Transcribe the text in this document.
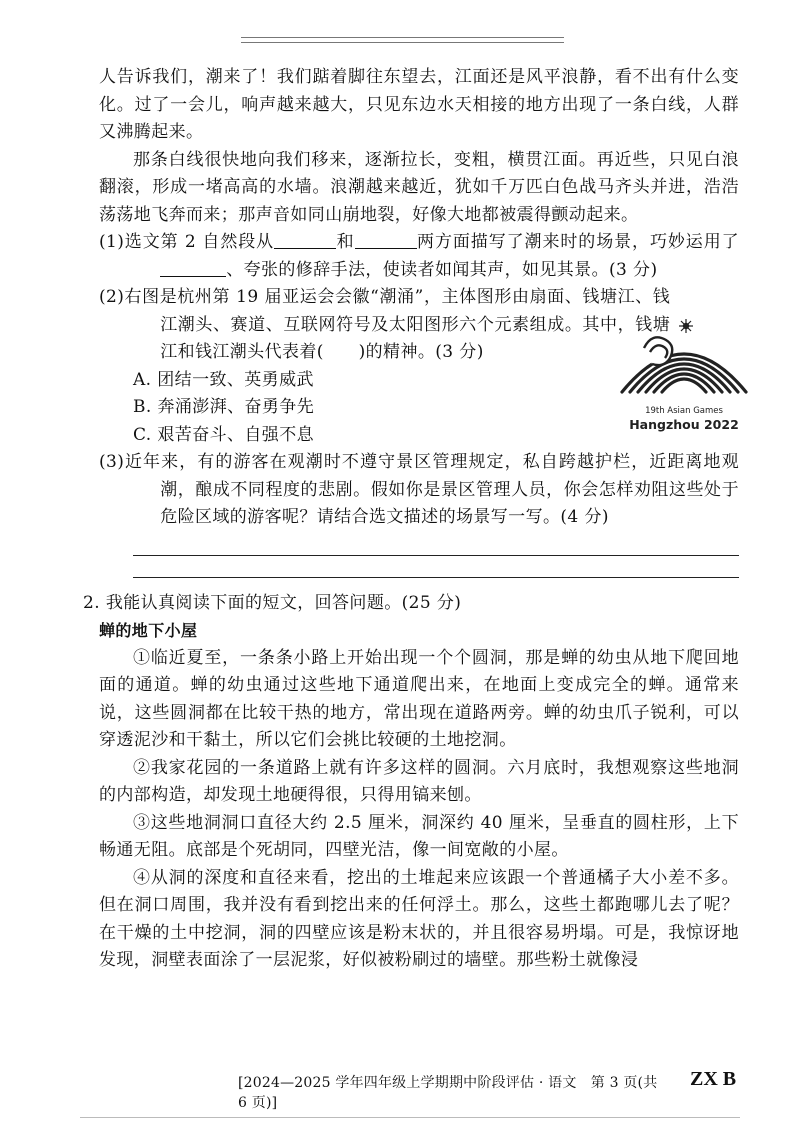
人告诉我们，潮来了！我们踮着脚往东望去，江面还是风平浪静，看不出有什么变化。过了一会儿，响声越来越大，只见东边水天相接的地方出现了一条白线，人群又沸腾起来。

那条白线很快地向我们移来，逐渐拉长，变粗，横贯江面。再近些，只见白浪翻滚，形成一堵高高的水墙。浪潮越来越近，犹如千万匹白色战马齐头并进，浩浩荡荡地飞奔而来；那声音如同山崩地裂，好像大地都被震得颤动起来。

(1)选文第 2 自然段从	和	两方面描写了潮来时的场景，巧妙运用了、夸张的修辞手法，使读者如闻其声，如见其景。(3 分)

(2)右图是杭州第 19 届亚运会会徽“潮涌”，主体图形由扇面、钱塘江、钱江潮头、赛道、互联网符号及太阳图形六个元素组成。其中，钱塘江和钱江潮头代表着(　　)的精神。(3 分)

A. 团结一致、英勇威武

B. 奔涌澎湃、奋勇争先

C. 艰苦奋斗、自强不息

(3)近年来，有的游客在观潮时不遵守景区管理规定，私自跨越护栏，近距离地观潮，酿成不同程度的悲剧。假如你是景区管理人员，你会怎样劝阻这些处于危险区域的游客呢？请结合选文描述的场景写一写。(4 分)

2. 我能认真阅读下面的短文，回答问题。(25 分)

蝉的地下小屋

①临近夏至，一条条小路上开始出现一个个圆洞，那是蝉的幼虫从地下爬回地面的通道。蝉的幼虫通过这些地下通道爬出来，在地面上变成完全的蝉。通常来说，这些圆洞都在比较干热的地方，常出现在道路两旁。蝉的幼虫爪子锐利，可以穿透泥沙和干黏土，所以它们会挑比较硬的土地挖洞。

②我家花园的一条道路上就有许多这样的圆洞。六月底时，我想观察这些地洞的内部构造，却发现土地硬得很，只得用镐来刨。

③这些地洞洞口直径大约 2.5 厘米，洞深约 40 厘米，呈垂直的圆柱形，上下畅通无阻。底部是个死胡同，四壁光洁，像一间宽敞的小屋。

④从洞的深度和直径来看，挖出的土堆起来应该跟一个普通橘子大小差不多。但在洞口周围，我并没有看到挖出来的任何浮土。那么，这些土都跑哪儿去了呢？在干燥的土中挖洞，洞的四壁应该是粉末状的，并且很容易坍塌。可是，我惊讶地发现，洞壁表面涂了一层泥浆，好似被粉刷过的墙壁。那些粉土就像浸

19th Asian Games
Hangzhou 2022
[2024—2025 学年四年级上学期期中阶段评估 · 语文　第 3 页(共 6 页)]
ZX B
